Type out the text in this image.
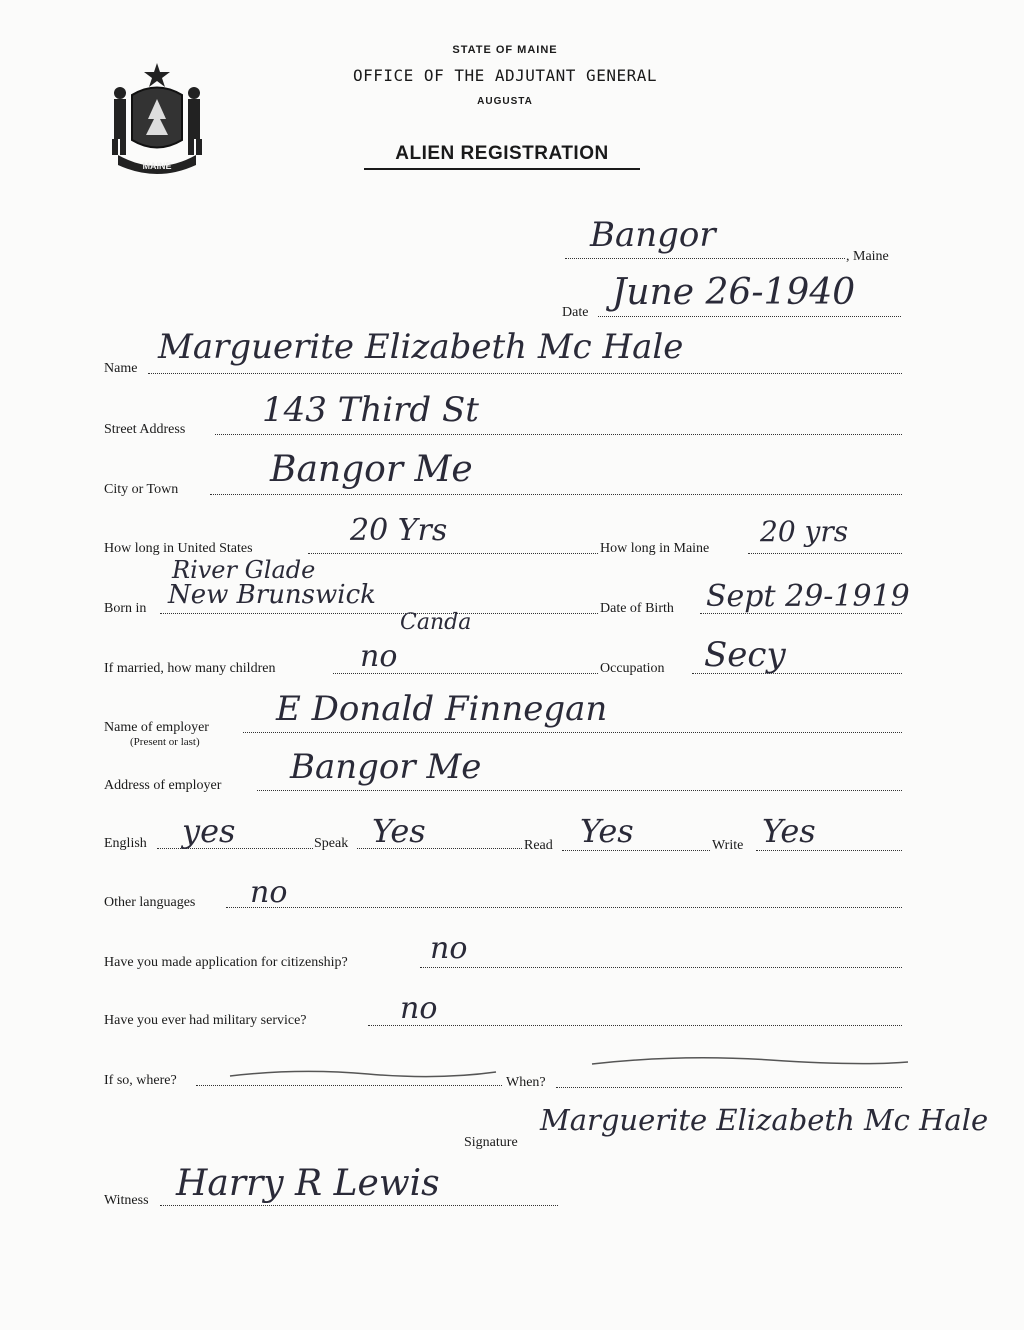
MAINE
STATE OF MAINE
OFFICE OF THE ADJUTANT GENERAL
AUGUSTA
ALIEN REGISTRATION
Bangor
, Maine
Date June 26-1940
Name
Marguerite Elizabeth Mc Hale
Street Address 143 Third St
City or Town	Bangor Me
How long in United States
20 Yrs
How long in Maine
20 yrs
River Glade
Born in New Brunswick
Canda
Date of Birth Sept 29-1919
If married, how many children	no	Occupation Secy
Name of employer
(Present or last)
E Donald Finnegan
Address of employer Bangor Me
English yes	Speak Yes	Read Yes	Write Yes
Other languages no
Have you made application for citizenship?	no
Have you ever had military service?	no
If so, where?	When?
Signature
Marguerite Elizabeth Mc Hale
Witness Harry R Lewis
